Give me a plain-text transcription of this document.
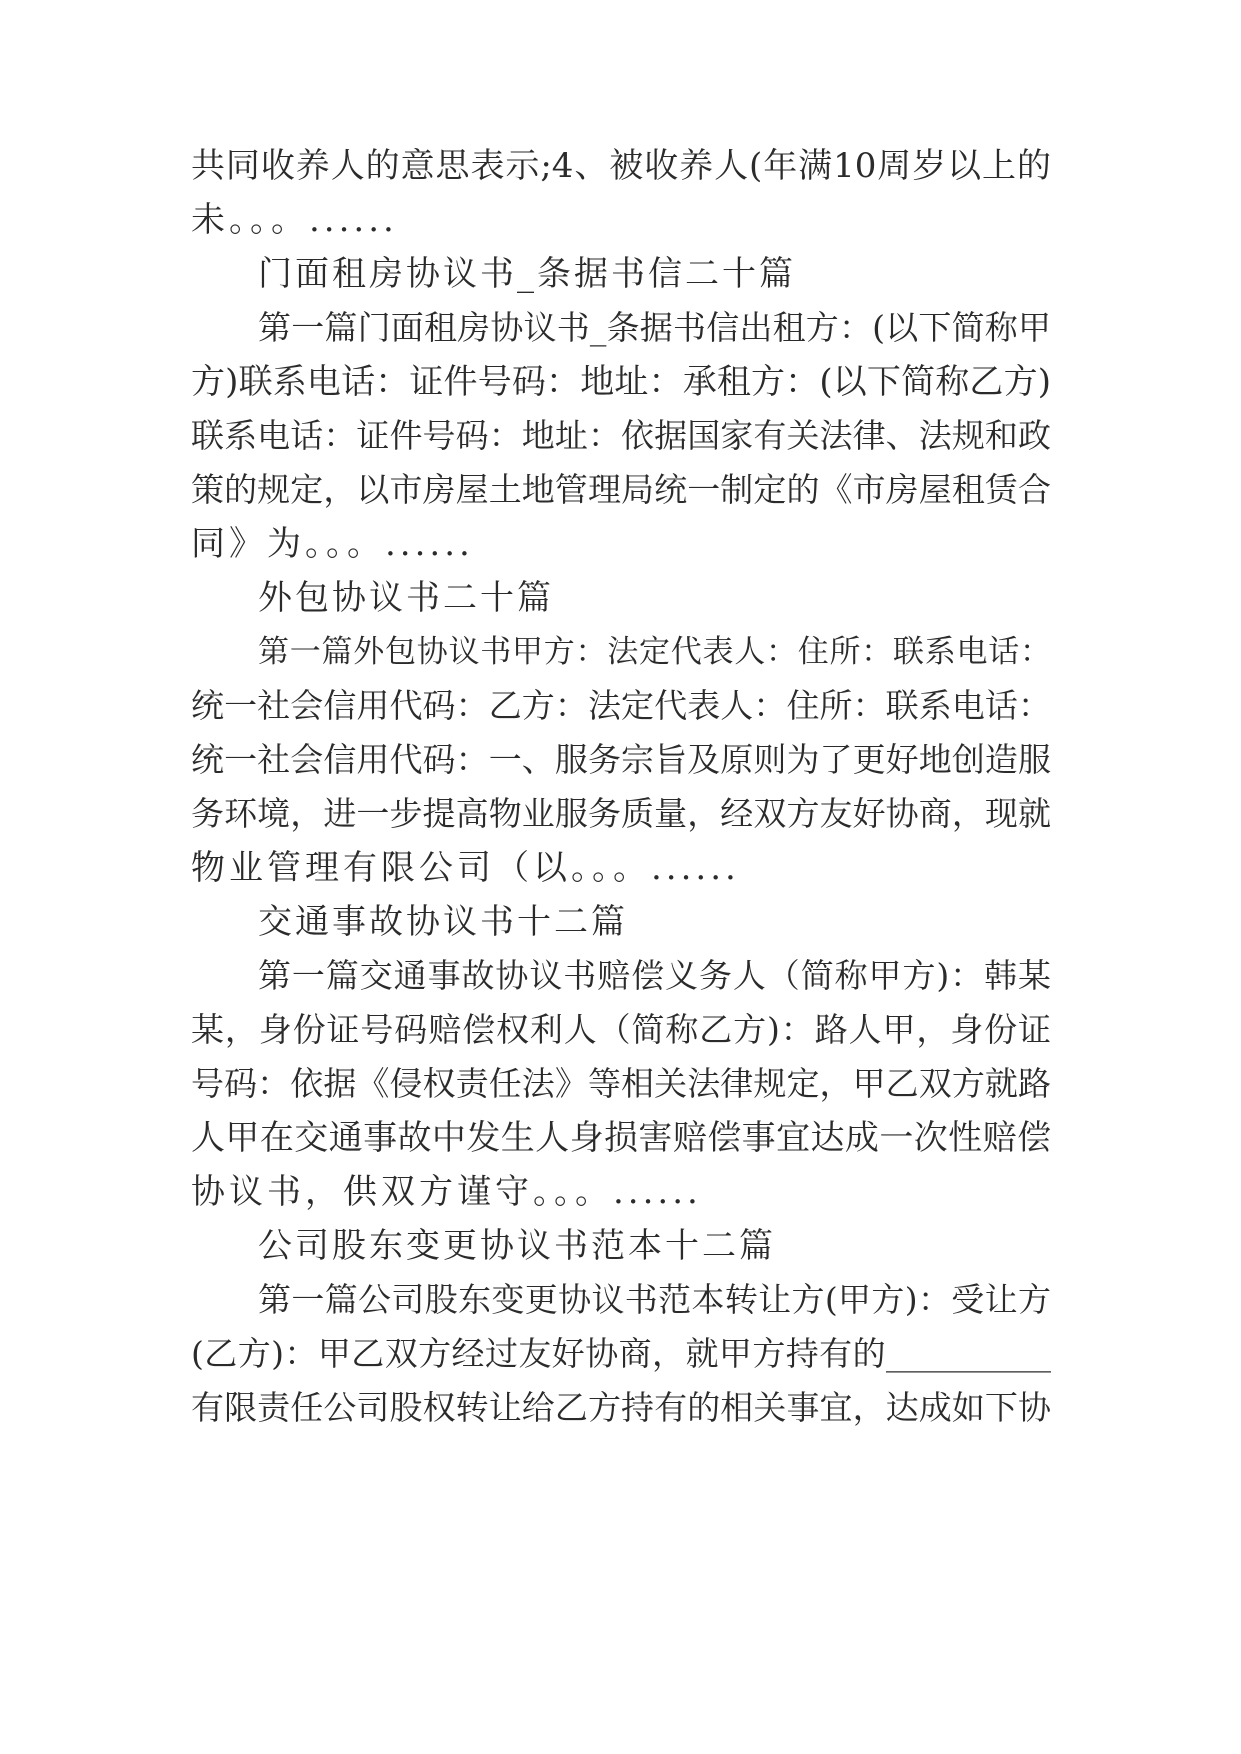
共同收养人的意思表示;4、被收养人(年满10周岁以上的
未。。。......
门面租房协议书_条据书信二十篇
第一篇门面租房协议书_条据书信出租方：(以下简称甲
方)联系电话：证件号码：地址：承租方：(以下简称乙方)
联系电话：证件号码：地址：依据国家有关法律、法规和政
策的规定，以市房屋土地管理局统一制定的《市房屋租赁合
同》为。。。......
外包协议书二十篇
第一篇外包协议书甲方：法定代表人：住所：联系电话：
统一社会信用代码：乙方：法定代表人：住所：联系电话：
统一社会信用代码：一、服务宗旨及原则为了更好地创造服
务环境，进一步提高物业服务质量，经双方友好协商，现就
物业管理有限公司（以。。。......
交通事故协议书十二篇
第一篇交通事故协议书赔偿义务人（简称甲方)：韩某
某，身份证号码赔偿权利人（简称乙方)：路人甲，身份证
号码：依据《侵权责任法》等相关法律规定，甲乙双方就路
人甲在交通事故中发生人身损害赔偿事宜达成一次性赔偿
协议书，供双方谨守。。。......
公司股东变更协议书范本十二篇
第一篇公司股东变更协议书范本转让方(甲方)：受让方
(乙方)：甲乙双方经过友好协商，就甲方持有的__________
有限责任公司股权转让给乙方持有的相关事宜，达成如下协
